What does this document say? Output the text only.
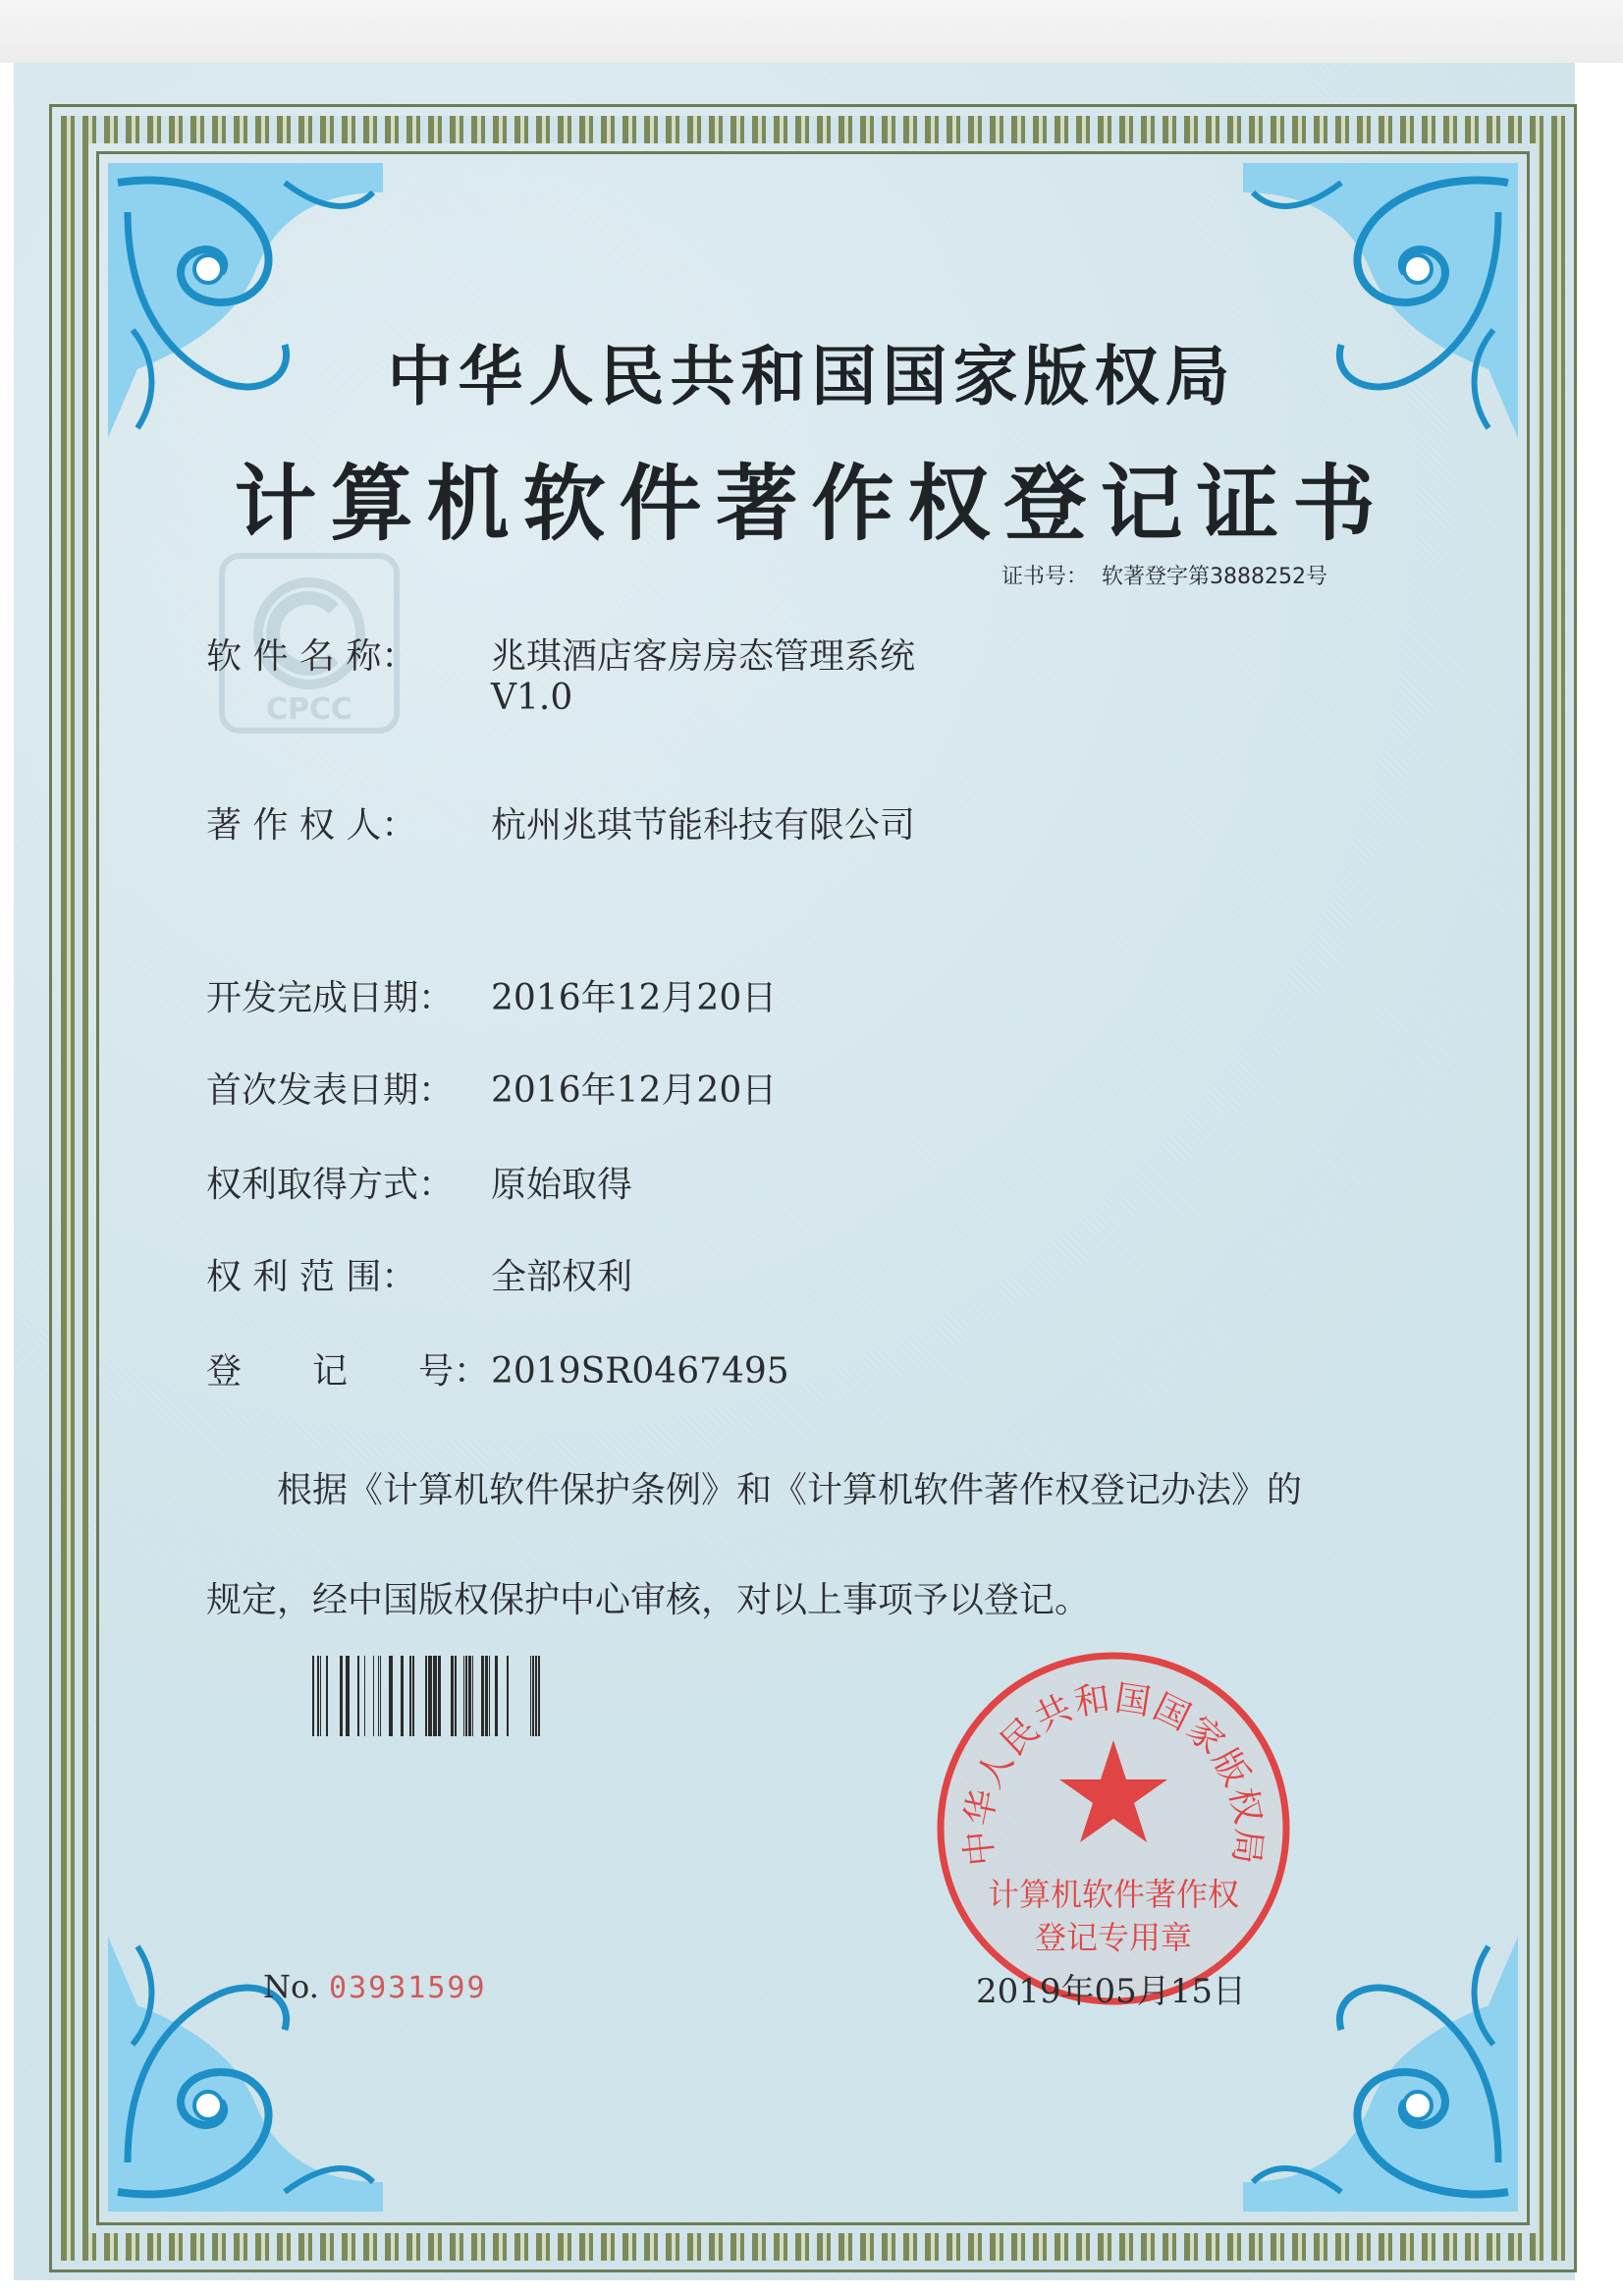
中华人民共和国国家版权局
计算机软件著作权登记证书
证书号： 软著登字第3888252号
CPCC
软 件 名 称： 兆琪酒店客房房态管理系统
V1.0
著 作 权 人： 杭州兆琪节能科技有限公司
开发完成日期： 2016年12月20日
首次发表日期： 2016年12月20日
权利取得方式： 原始取得
权 利 范 围： 全部权利
登　　记　　号：2019SR0467495
根据《计算机软件保护条例》和《计算机软件著作权登记办法》的
规定，经中国版权保护中心审核，对以上事项予以登记。
中华人民共和国国家版权局
计算机软件著作权
登记专用章
No. 03931599	2019年05月15日
